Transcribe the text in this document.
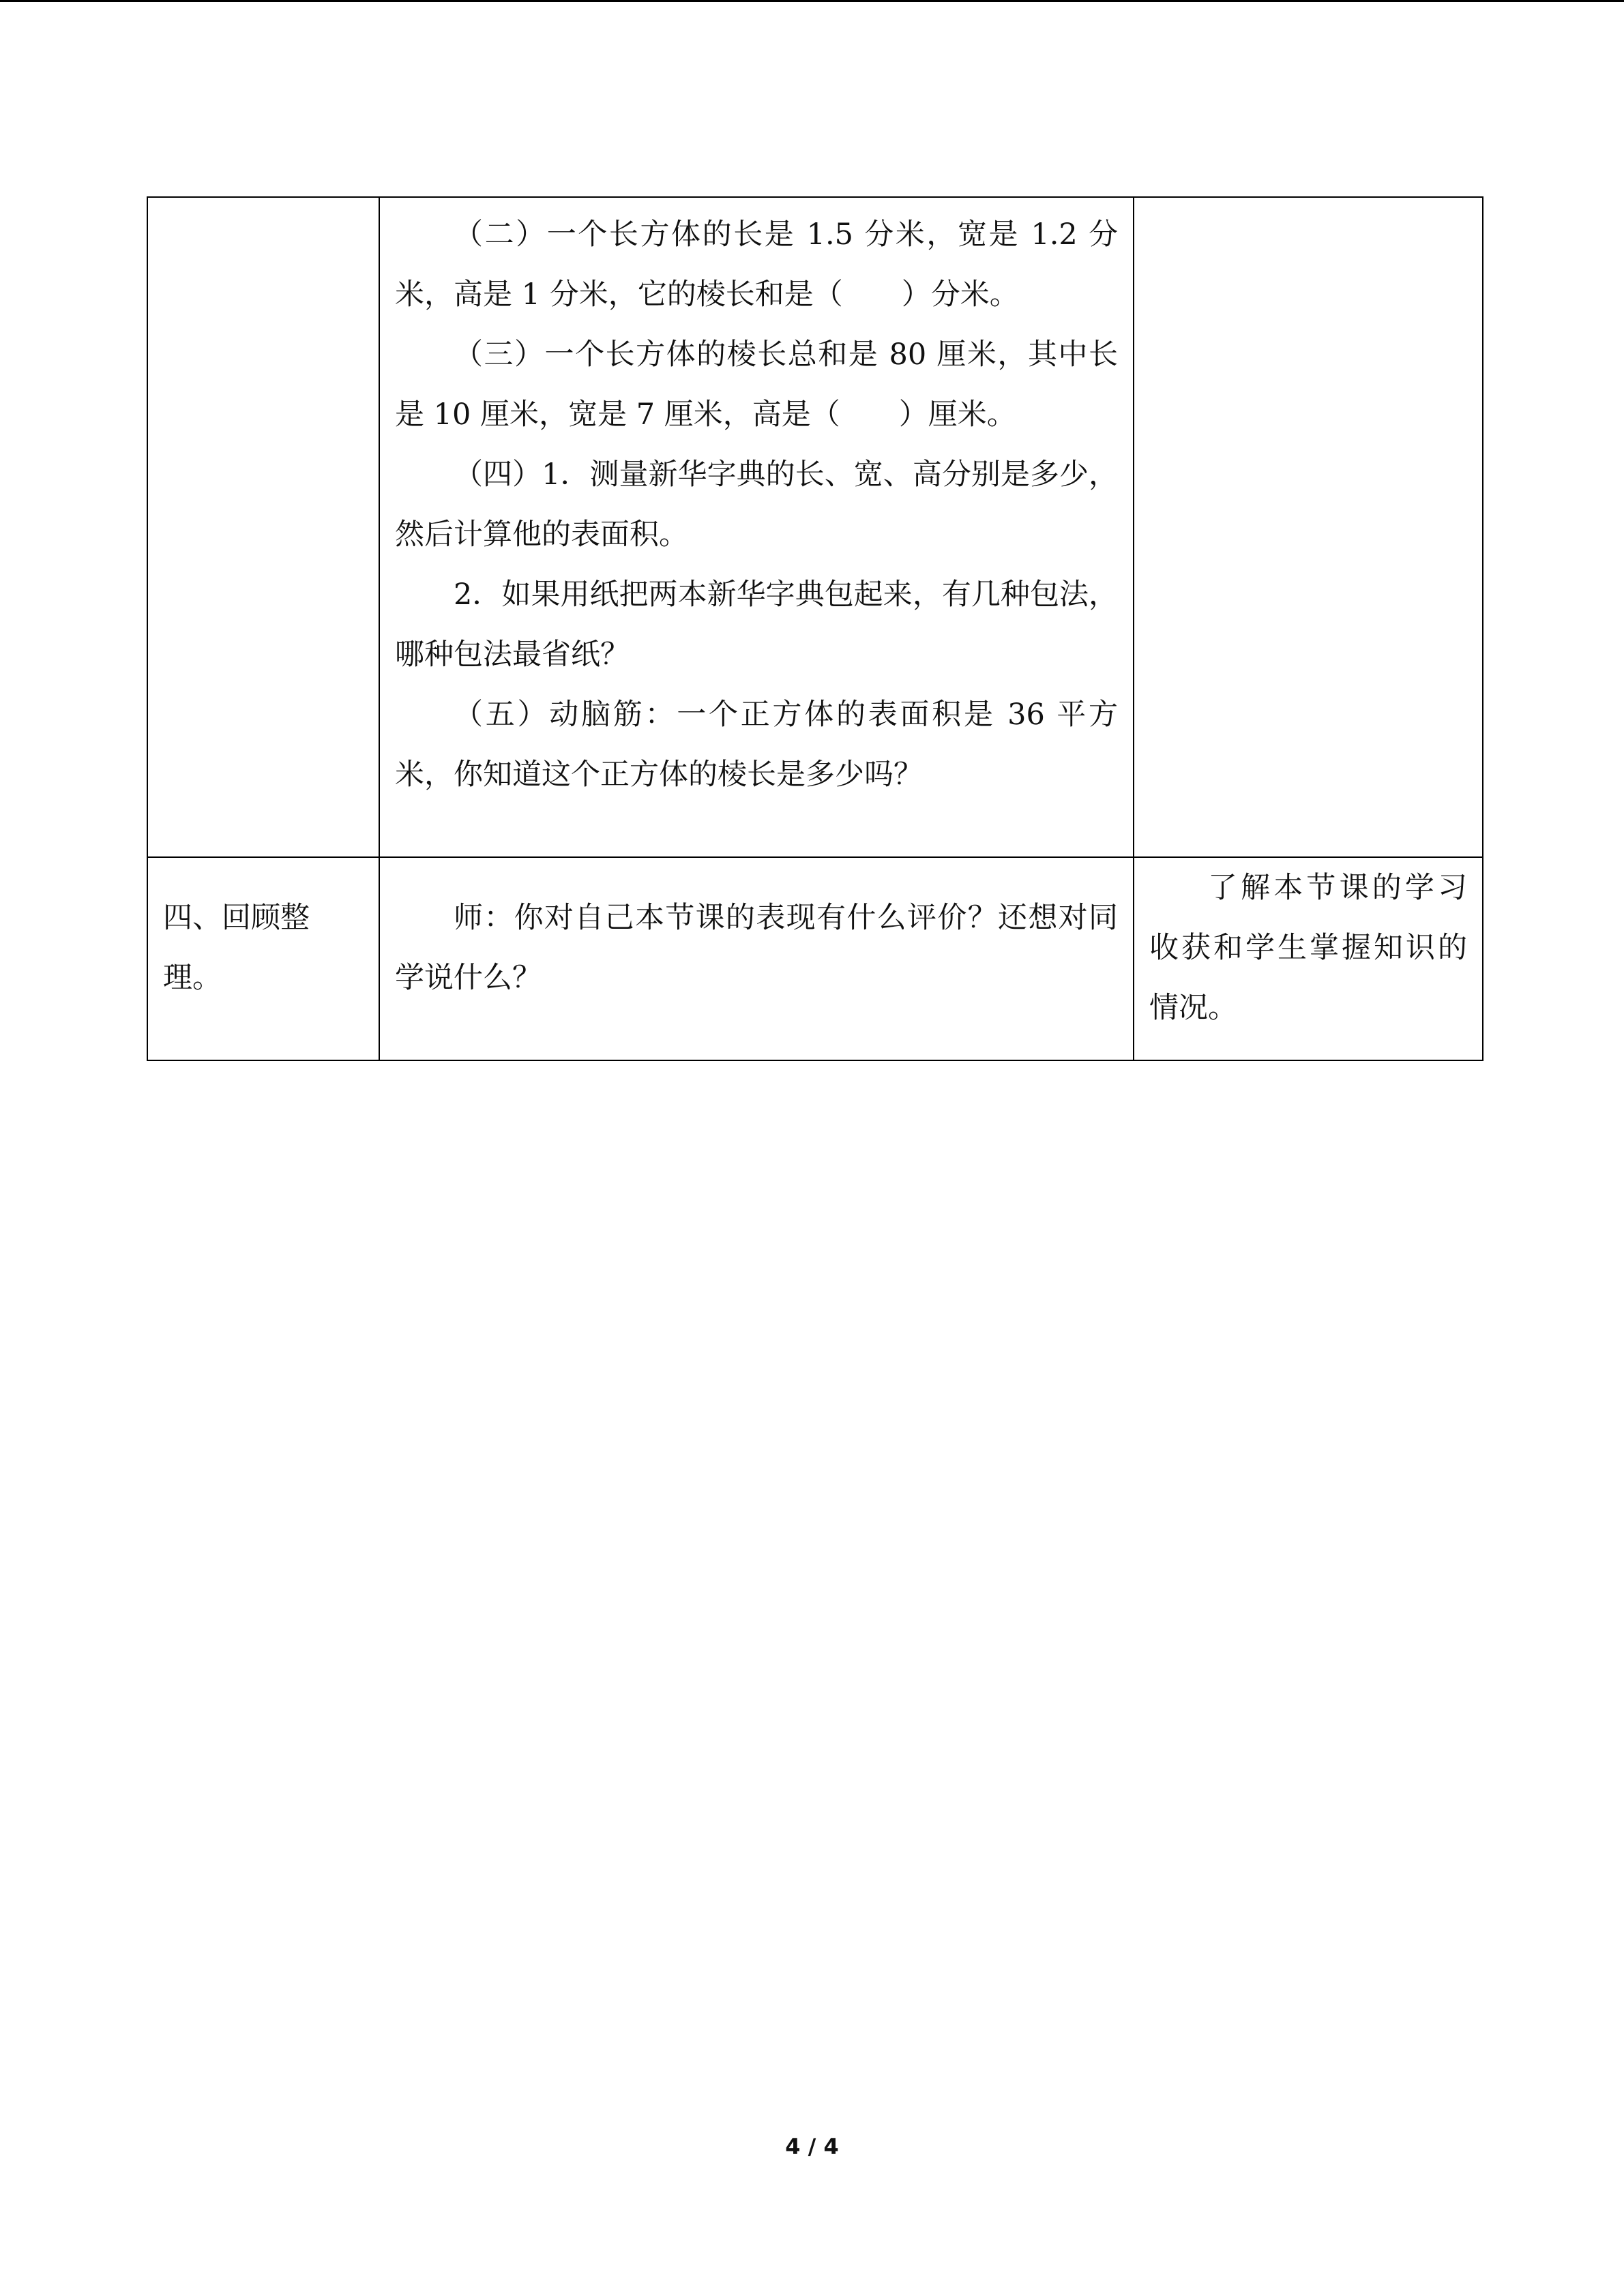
	（二）一个长方体的长是 1.5 分米，宽是 1.2 分米，高是 1 分米，它的棱长和是（　　）分米。

（三）一个长方体的棱长总和是 80 厘米，其中长是 10 厘米，宽是 7 厘米，高是（　　）厘米。

（四）1．测量新华字典的长、宽、高分别是多少，然后计算他的表面积。

2．如果用纸把两本新华字典包起来，有几种包法，哪种包法最省纸？

（五）动脑筋：一个正方体的表面积是 36 平方米，你知道这个正方体的棱长是多少吗？	

四、回顾整理。	师：你对自己本节课的表现有什么评价？还想对同学说什么？	了解本节课的学习收获和学生掌握知识的情况。

4 / 4
